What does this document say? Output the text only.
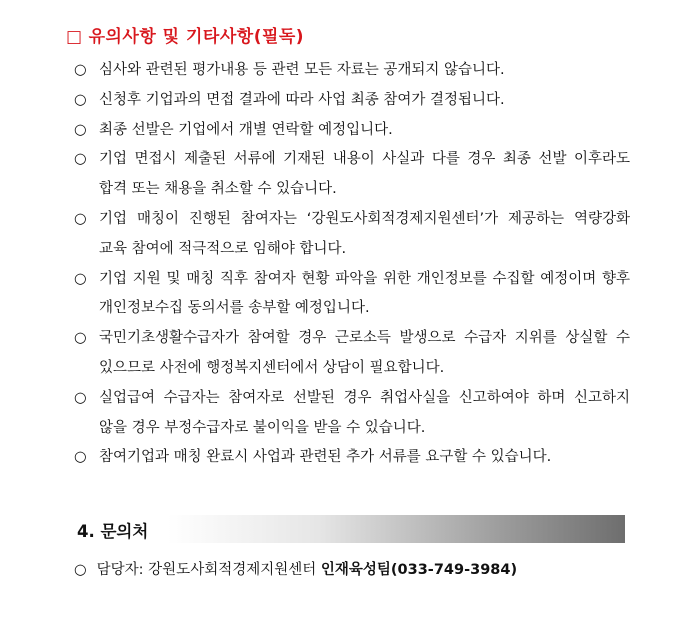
□ 유의사항 및 기타사항(필독)
○ 심사와 관련된 평가내용 등 관련 모든 자료는 공개되지 않습니다.
○ 신청후 기업과의 면접 결과에 따라 사업 최종 참여가 결정됩니다.
○ 최종 선발은 기업에서 개별 연락할 예정입니다.
○ 기업 면접시 제출된 서류에 기재된 내용이 사실과 다를 경우 최종 선발 이후라도 합격 또는 채용을 취소할 수 있습니다.
○ 기업 매칭이 진행된 참여자는 ‘강원도사회적경제지원센터’가 제공하는 역량강화 교육 참여에 적극적으로 임해야 합니다.
○ 기업 지원 및 매칭 직후 참여자 현황 파악을 위한 개인정보를 수집할 예정이며 향후 개인정보수집 동의서를 송부할 예정입니다.
○ 국민기초생활수급자가 참여할 경우 근로소득 발생으로 수급자 지위를 상실할 수 있으므로 사전에 행정복지센터에서 상담이 필요합니다.
○ 실업급여 수급자는 참여자로 선발된 경우 취업사실을 신고하여야 하며 신고하지 않을 경우 부정수급자로 불이익을 받을 수 있습니다.
○ 참여기업과 매칭 완료시 사업과 관련된 추가 서류를 요구할 수 있습니다.
4. 문의처
○ 담당자: 강원도사회적경제지원센터 인재육성팀(033-749-3984)
